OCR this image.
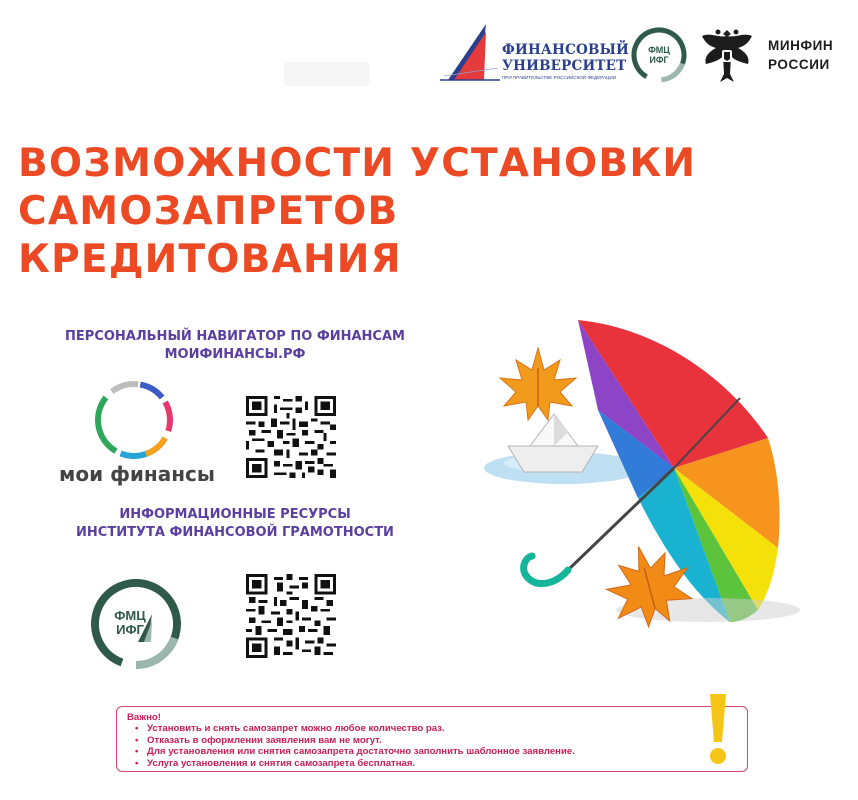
ФИНАНСОВЫЙ
УНИВЕРСИТЕТ
ПРИ ПРАВИТЕЛЬСТВЕ РОССИЙСКОЙ ФЕДЕРАЦИИ
ФМЦ
ИФГ
МИНФИН
РОССИИ
ВОЗМОЖНОСТИ УСТАНОВКИ
САМОЗАПРЕТОВ
КРЕДИТОВАНИЯ
ПЕРСОНАЛЬНЫЙ НАВИГАТОР ПО ФИНАНСАМ
МОИФИНАНСЫ.РФ
мои финансы
ИНФОРМАЦИОННЫЕ РЕСУРСЫ
ИНСТИТУТА ФИНАНСОВОЙ ГРАМОТНОСТИ
ФМЦ
ИФГ
Важно!
• Установить и снять самозапрет можно любое количество раз.
• Отказать в оформлении заявления вам не могут.
• Для установления или снятия самозапрета достаточно заполнить шаблонное заявление.
• Услуга установления и снятия самозапрета бесплатная.
